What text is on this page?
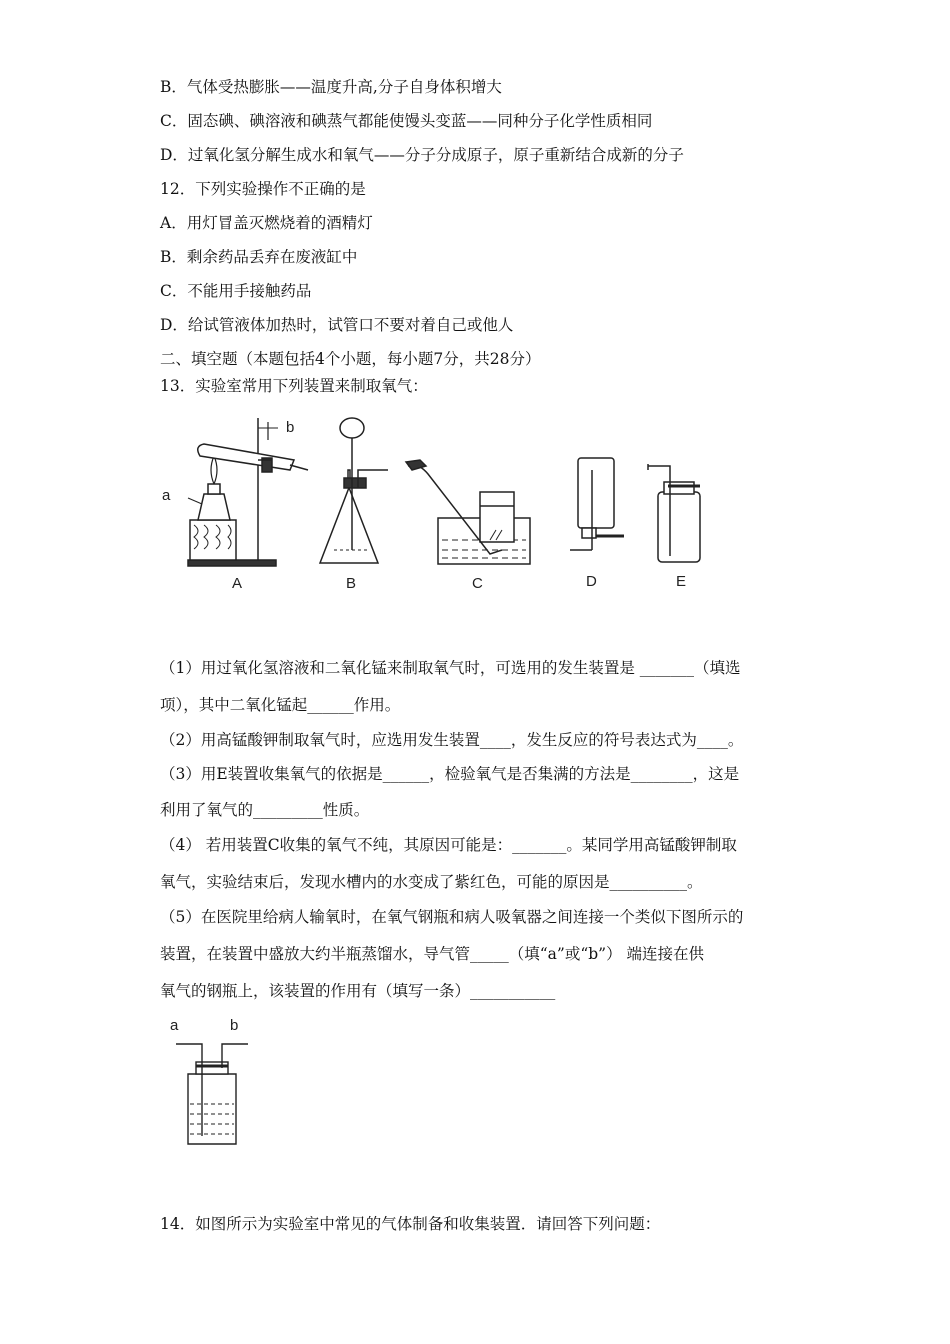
B．气体受热膨胀——温度升高,分子自身体积增大
C．固态碘、碘溶液和碘蒸气都能使馒头变蓝——同种分子化学性质相同
D．过氧化氢分解生成水和氧气——分子分成原子，原子重新结合成新的分子
12．下列实验操作不正确的是
A．用灯冒盖灭燃烧着的酒精灯
B．剩余药品丢弃在废液缸中
C．不能用手接触药品
D．给试管液体加热时，试管口不要对着自己或他人
二、填空题（本题包括4个小题，每小题7分，共28分）
13．实验室常用下列装置来制取氧气：
a
b
A	B	C	D	E
（1）用过氧化氢溶液和二氧化锰来制取氧气时，可选用的发生装置是 _______（填选
项），其中二氧化锰起______作用。
（2）用高锰酸钾制取氧气时，应选用发生装置____，发生反应的符号表达式为____。
（3）用E装置收集氧气的依据是______，检验氧气是否集满的方法是________，这是
利用了氧气的_________性质。
（4） 若用装置C收集的氧气不纯，其原因可能是：_______。某同学用高锰酸钾制取
氧气，实验结束后，发现水槽内的水变成了紫红色，可能的原因是__________。
（5）在医院里给病人输氧时，在氧气钢瓶和病人吸氧器之间连接一个类似下图所示的
装置，在装置中盛放大约半瓶蒸馏水，导气管_____（填“a”或“b”） 端连接在供
氧气的钢瓶上，该装置的作用有（填写一条）___________
a	b
14．如图所示为实验室中常见的气体制备和收集装置．请回答下列问题：
